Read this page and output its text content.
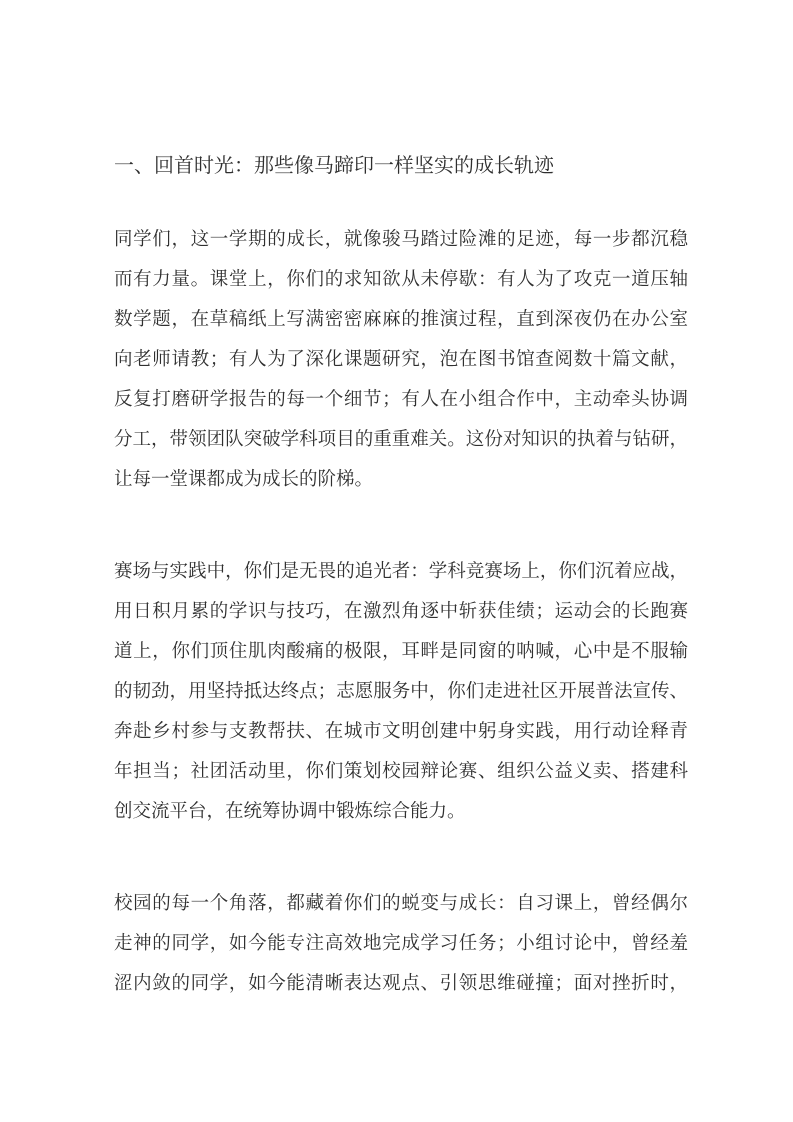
一、回首时光：那些像马蹄印一样坚实的成长轨迹
同学们，这一学期的成长，就像骏马踏过险滩的足迹，每一步都沉稳
而有力量。课堂上，你们的求知欲从未停歇：有人为了攻克一道压轴
数学题，在草稿纸上写满密密麻麻的推演过程，直到深夜仍在办公室
向老师请教；有人为了深化课题研究，泡在图书馆查阅数十篇文献，
反复打磨研学报告的每一个细节；有人在小组合作中，主动牵头协调
分工，带领团队突破学科项目的重重难关。这份对知识的执着与钻研，
让每一堂课都成为成长的阶梯。
赛场与实践中，你们是无畏的追光者：学科竞赛场上，你们沉着应战，
用日积月累的学识与技巧，在激烈角逐中斩获佳绩；运动会的长跑赛
道上，你们顶住肌肉酸痛的极限，耳畔是同窗的呐喊，心中是不服输
的韧劲，用坚持抵达终点；志愿服务中，你们走进社区开展普法宣传、
奔赴乡村参与支教帮扶、在城市文明创建中躬身实践，用行动诠释青
年担当；社团活动里，你们策划校园辩论赛、组织公益义卖、搭建科
创交流平台，在统筹协调中锻炼综合能力。
校园的每一个角落，都藏着你们的蜕变与成长：自习课上，曾经偶尔
走神的同学，如今能专注高效地完成学习任务；小组讨论中，曾经羞
涩内敛的同学，如今能清晰表达观点、引领思维碰撞；面对挫折时，
